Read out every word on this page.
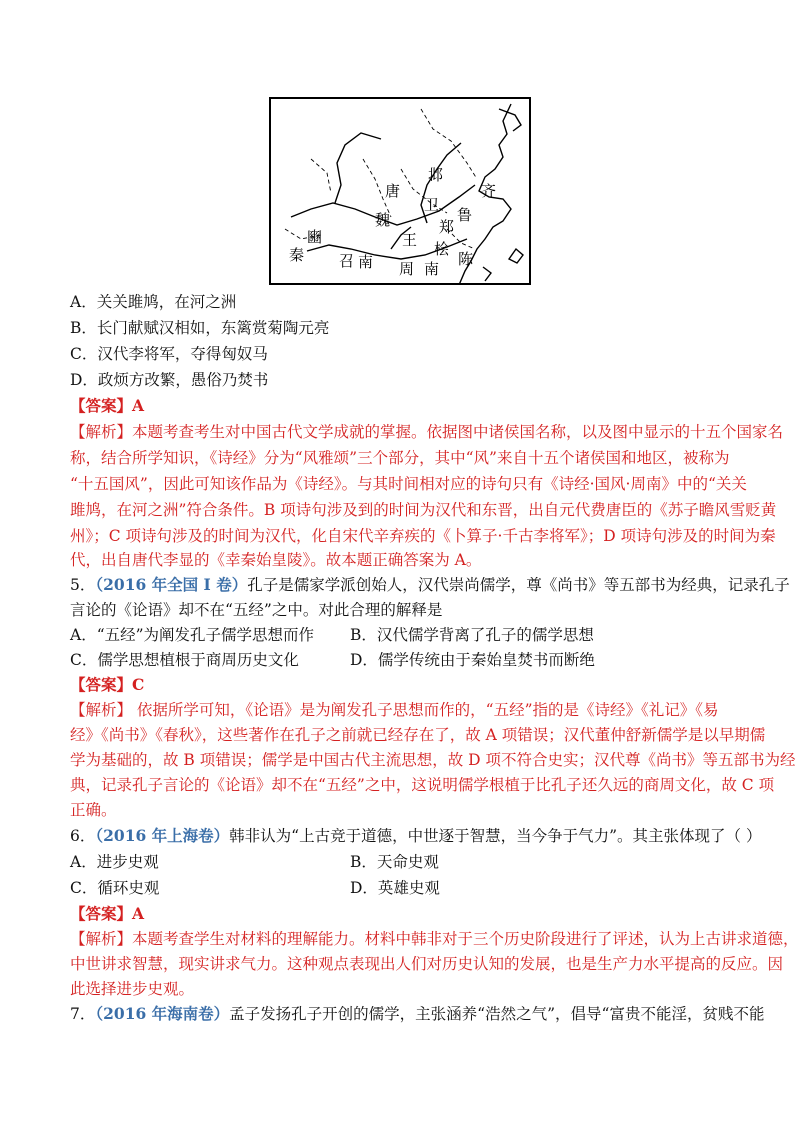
邶
齐
唐
卫
鲁
魏	郑
豳	王 桧
秦	陈
召 南 周 南
A．关关雎鸠，在河之洲
B．长门献赋汉相如，东篱赏菊陶元亮
C．汉代李将军，夺得匈奴马
D．政烦方改繁，愚俗乃焚书
【答案】A
【解析】本题考查考生对中国古代文学成就的掌握。依据图中诸侯国名称，以及图中显示的十五个国家名
称，结合所学知识，《诗经》分为“风雅颂”三个部分，其中“风”来自十五个诸侯国和地区，被称为
“十五国风”，因此可知该作品为《诗经》。与其时间相对应的诗句只有《诗经·国风·周南》中的“关关
雎鸠，在河之洲”符合条件。B 项诗句涉及到的时间为汉代和东晋，出自元代费唐臣的《苏子瞻风雪贬黄
州》；C 项诗句涉及的时间为汉代，化自宋代辛弃疾的《卜算子·千古李将军》；D 项诗句涉及的时间为秦
代，出自唐代李显的《幸秦始皇陵》。故本题正确答案为 A。
5．（2016 年全国 I 卷）孔子是儒家学派创始人，汉代崇尚儒学，尊《尚书》等五部书为经典，记录孔子
言论的《论语》却不在“五经”之中。对此合理的解释是
A．“五经”为阐发孔子儒学思想而作 B．汉代儒学背离了孔子的儒学思想
C．儒学思想植根于商周历史文化	D．儒学传统由于秦始皇焚书而断绝
【答案】C
【解析】 依据所学可知，《论语》是为阐发孔子思想而作的，“五经”指的是《诗经》《礼记》《易
经》《尚书》《春秋》，这些著作在孔子之前就已经存在了，故 A 项错误；汉代董仲舒新儒学是以早期儒
学为基础的，故 B 项错误；儒学是中国古代主流思想，故 D 项不符合史实；汉代尊《尚书》等五部书为经
典，记录孔子言论的《论语》却不在“五经”之中，这说明儒学根植于比孔子还久远的商周文化，故 C 项
正确。
6．（2016 年上海卷）韩非认为“上古竞于道德，中世逐于智慧，当今争于气力”。其主张体现了（ ）
A．进步史观	B．天命史观
C．循环史观	D．英雄史观
【答案】A
【解析】本题考查学生对材料的理解能力。材料中韩非对于三个历史阶段进行了评述，认为上古讲求道德，
中世讲求智慧，现实讲求气力。这种观点表现出人们对历史认知的发展，也是生产力水平提高的反应。因
此选择进步史观。
7．（2016 年海南卷）孟子发扬孔子开创的儒学，主张涵养“浩然之气”，倡导“富贵不能淫，贫贱不能
